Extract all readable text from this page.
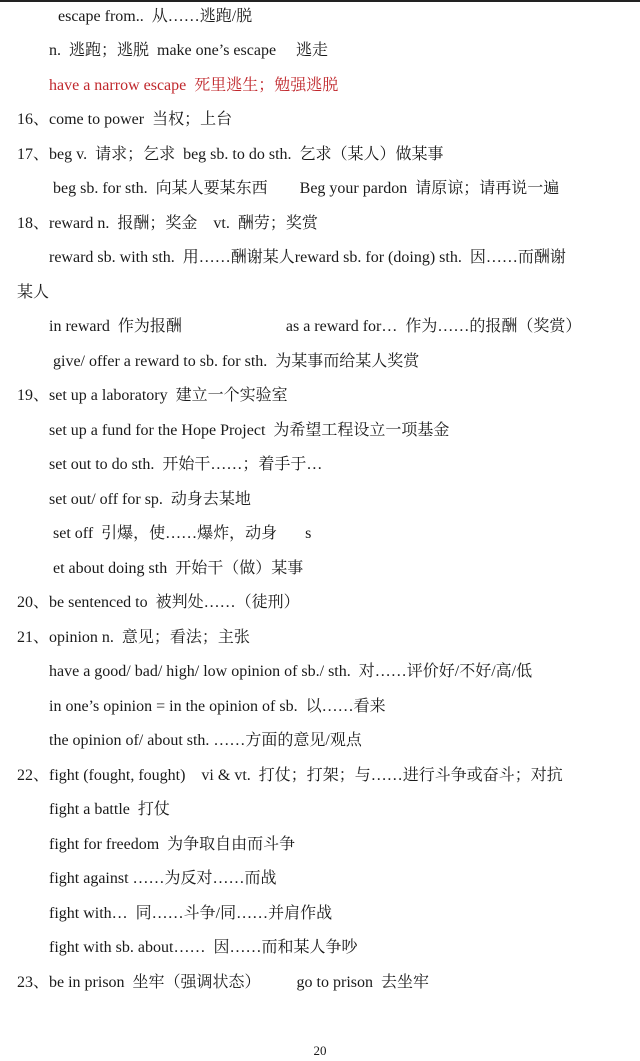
escape from..  从……逃跑/脱
n.  逃跑；逃脱  make one’s escape     逃走
have a narrow escape  死里逃生；勉强逃脱
16、come to power  当权；上台
17、beg v.  请求；乞求  beg sb. to do sth.  乞求（某人）做某事
beg sb. for sth.  向某人要某东西        Beg your pardon  请原谅；请再说一遍
18、reward n.  报酬；奖金    vt.  酬劳；奖赏
reward sb. with sth.  用……酬谢某人reward sb. for (doing) sth.  因……而酬谢
某人
in reward  作为报酬                          as a reward for…  作为……的报酬（奖赏）
give/ offer a reward to sb. for sth.  为某事而给某人奖赏
19、set up a laboratory  建立一个实验室
set up a fund for the Hope Project  为希望工程设立一项基金
set out to do sth.  开始干……；着手于…
set out/ off for sp.  动身去某地
set off  引爆，使……爆炸，动身       s
et about doing sth  开始干（做）某事
20、be sentenced to  被判处……（徒刑）
21、opinion n.  意见；看法；主张
have a good/ bad/ high/ low opinion of sb./ sth.  对……评价好/不好/高/低
in one’s opinion = in the opinion of sb.  以……看来
the opinion of/ about sth. ……方面的意见/观点
22、fight (fought, fought)    vi & vt.  打仗；打架；与……进行斗争或奋斗；对抗
fight a battle  打仗
fight for freedom  为争取自由而斗争
fight against ……为反对……而战
fight with…  同……斗争/同……并肩作战
fight with sb. about……  因……而和某人争吵
23、be in prison  坐牢（强调状态）         go to prison  去坐牢
20
